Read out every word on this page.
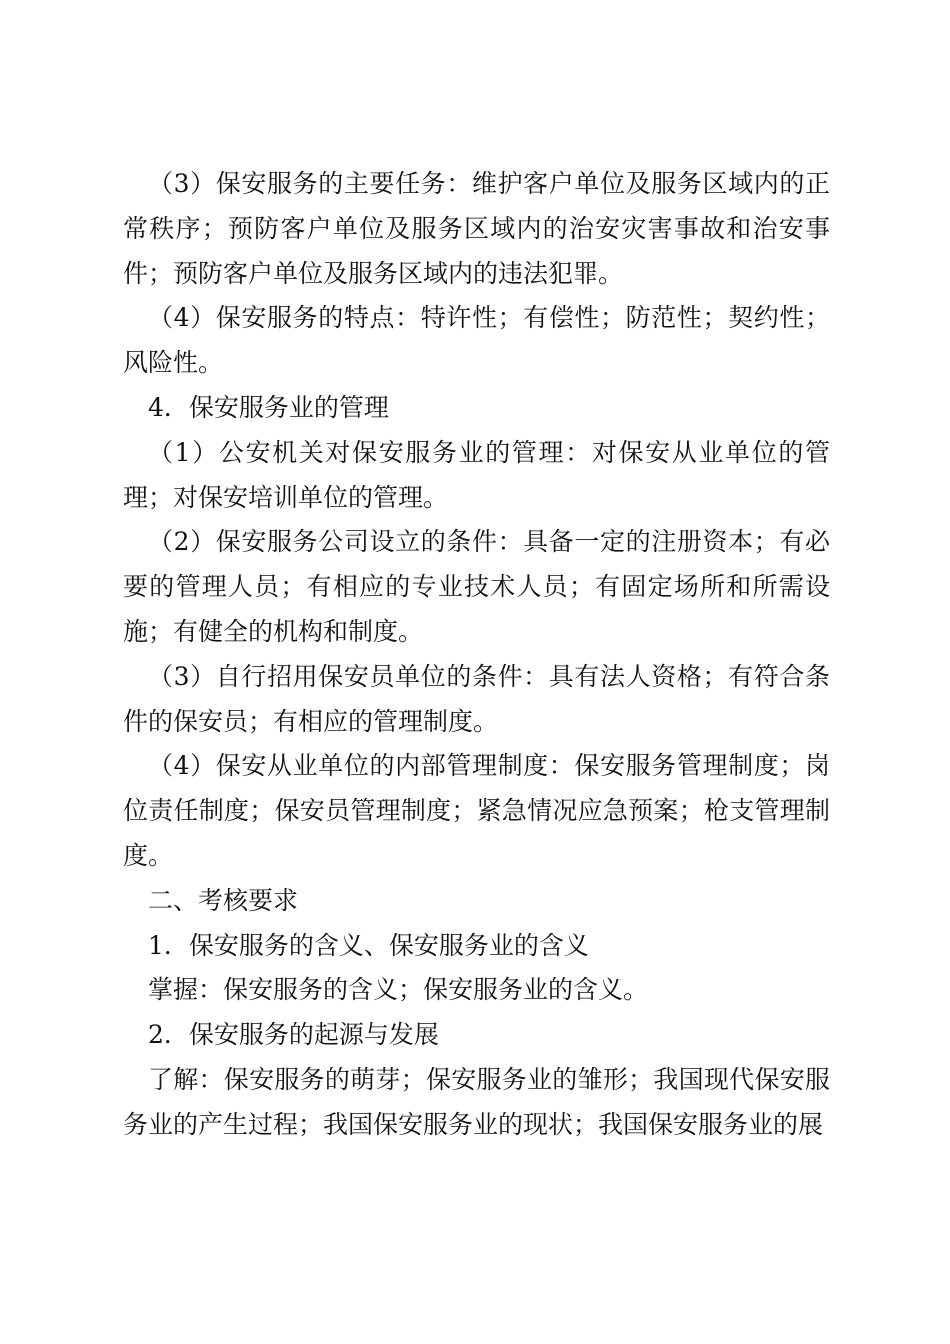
（3）保安服务的主要任务：维护客户单位及服务区域内的正常秩序；预防客户单位及服务区域内的治安灾害事故和治安事件；预防客户单位及服务区域内的违法犯罪。

（4）保安服务的特点：特许性；有偿性；防范性；契约性；风险性。

4．保安服务业的管理

（1）公安机关对保安服务业的管理：对保安从业单位的管理；对保安培训单位的管理。

（2）保安服务公司设立的条件：具备一定的注册资本；有必要的管理人员；有相应的专业技术人员；有固定场所和所需设施；有健全的机构和制度。

（3）自行招用保安员单位的条件：具有法人资格；有符合条件的保安员；有相应的管理制度。

（4）保安从业单位的内部管理制度：保安服务管理制度；岗位责任制度；保安员管理制度；紧急情况应急预案；枪支管理制度。

二、考核要求

1．保安服务的含义、保安服务业的含义

掌握：保安服务的含义；保安服务业的含义。

2．保安服务的起源与发展

了解：保安服务的萌芽；保安服务业的雏形；我国现代保安服务业的产生过程；我国保安服务业的现状；我国保安服务业的展
